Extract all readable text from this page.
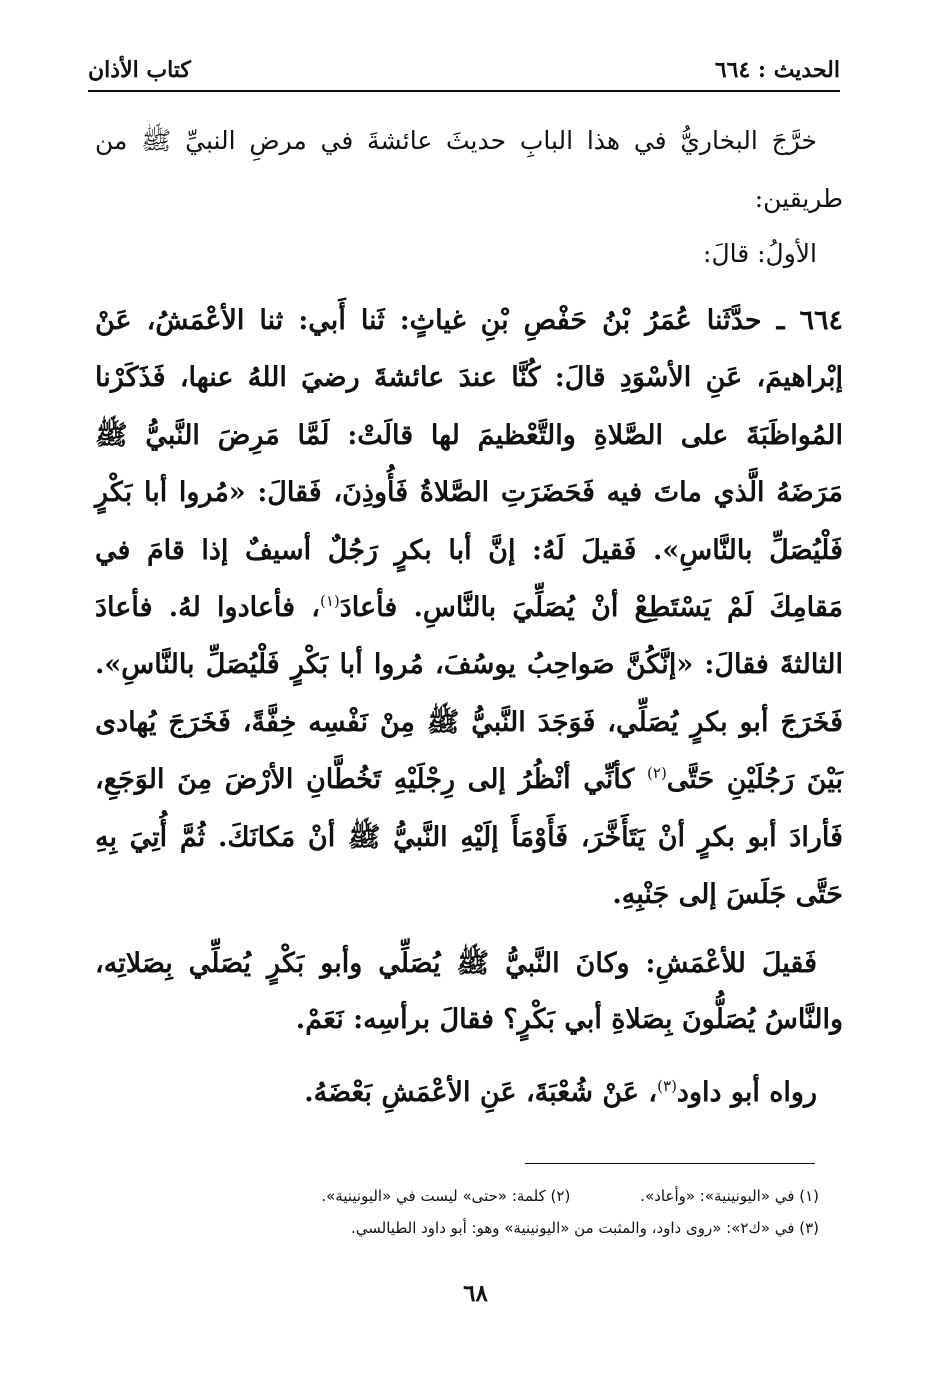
الحديث : ٦٦٤
كتاب الأذان

خرَّجَ البخاريُّ في هذا البابِ حديثَ عائشةَ في مرضِ النبيِّ ﷺ من طريقين:

الأولُ: قالَ:

٦٦٤ ـ حدَّثَنا عُمَرُ بْنُ حَفْصِ بْنِ غياثٍ: ثَنا أَبي: ثنا الأعْمَشُ، عَنْ إبْراهيمَ، عَنِ الأسْوَدِ قالَ: كُنَّا عندَ عائشةَ رضيَ اللهُ عنها، فَذَكَرْنا المُواظَبَةَ على الصَّلاةِ والتَّعْظيمَ لها قالَتْ: لَمَّا مَرِضَ النَّبيُّ ﷺ مَرَضَهُ الَّذي ماتَ فيه فَحَضَرَتِ الصَّلاةُ فَأُوذِنَ، فَقالَ: «مُروا أبا بَكْرٍ فَلْيُصَلِّ بالنَّاسِ». فَقيلَ لَهُ: إنَّ أبا بكرٍ رَجُلٌ أسيفٌ إذا قامَ في مَقامِكَ لَمْ يَسْتَطِعْ أنْ يُصَلِّيَ بالنَّاسِ. فأعادَ$^{(١)}$، فأعادوا لهُ. فأعادَ الثالثةَ فقالَ: «إنَّكُنَّ صَواحِبُ يوسُفَ، مُروا أبا بَكْرٍ فَلْيُصَلِّ بالنَّاسِ». فَخَرَجَ أبو بكرٍ يُصَلِّي، فَوَجَدَ النَّبيُّ ﷺ مِنْ نَفْسِه خِفَّةً، فَخَرَجَ يُهادى بَيْنَ رَجُلَيْنِ حَتَّى$^{(٢)}$ كأنِّي أنْظُرُ إلى رِجْلَيْهِ تَخُطَّانِ الأرْضَ مِنَ الوَجَعِ، فَأرادَ أبو بكرٍ أنْ يَتَأَخَّرَ، فَأَوْمَأَ إلَيْهِ النَّبيُّ ﷺ أنْ مَكانَكَ. ثُمَّ أُتِيَ بِهِ حَتَّى جَلَسَ إلى جَنْبِهِ.

فَقيلَ للأعْمَشِ: وكانَ النَّبيُّ ﷺ يُصَلِّي وأبو بَكْرٍ يُصَلِّي بِصَلاتِه، والنَّاسُ يُصَلُّونَ بِصَلاةِ أبي بَكْرٍ؟ فقالَ برأسِه: نَعَمْ.

رواه أبو داود$^{(٣)}$، عَنْ شُعْبَةَ، عَنِ الأعْمَشِ بَعْضَهُ.

(١) في «اليونينية»: «وأعاد».
(٢) كلمة: «حتى» ليست في «اليونينية».
(٣) في «ك٢»: «روى داود، والمثبت من «اليونينية» وهو: أبو داود الطيالسي.
٦٨
